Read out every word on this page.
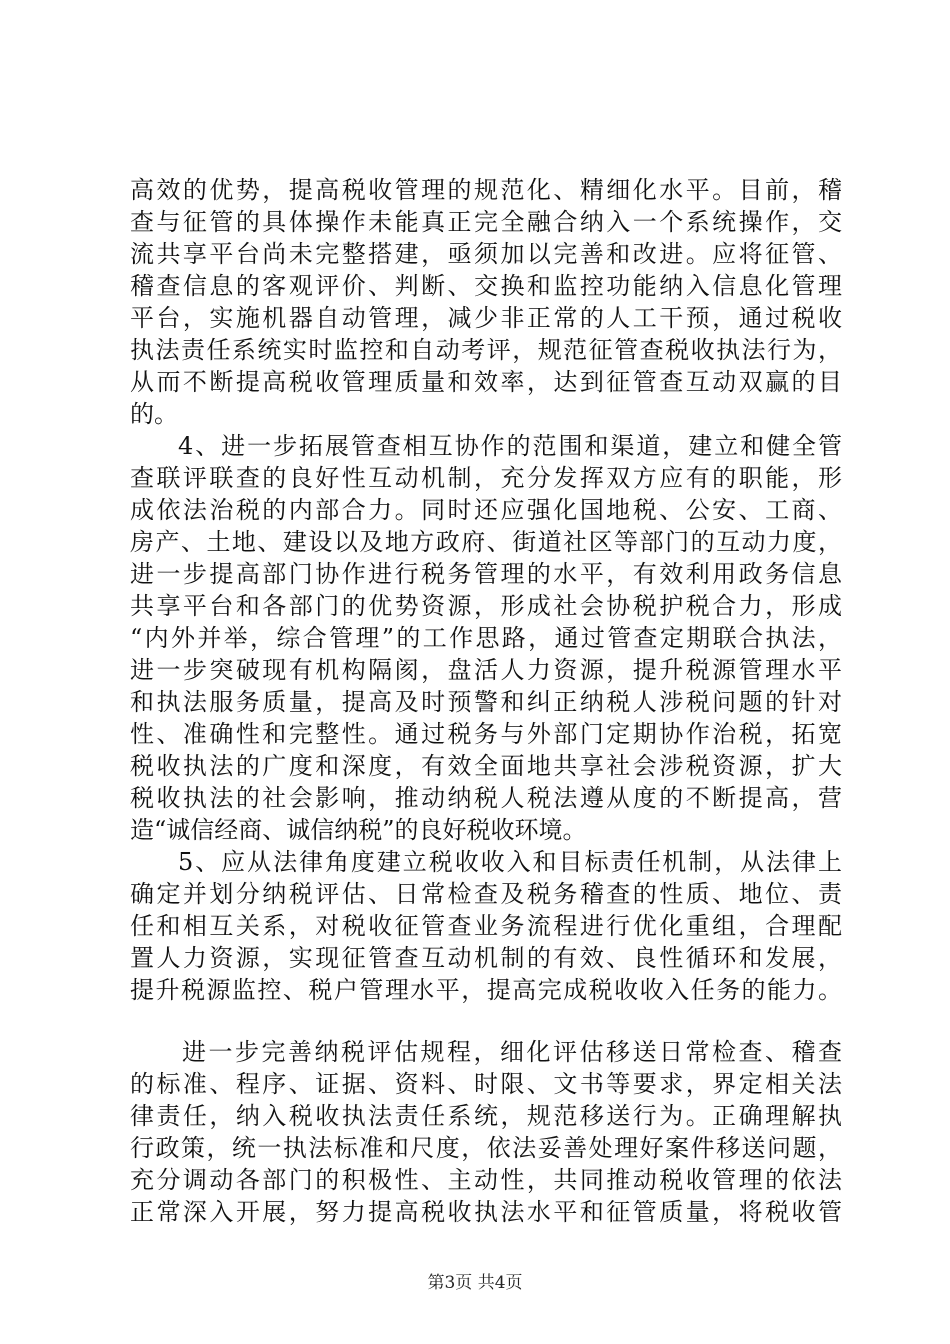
高效的优势，提高税收管理的规范化、精细化水平。目前，稽

查与征管的具体操作未能真正完全融合纳入一个系统操作，交

流共享平台尚未完整搭建，亟须加以完善和改进。应将征管、

稽查信息的客观评价、判断、交换和监控功能纳入信息化管理

平台，实施机器自动管理，减少非正常的人工干预，通过税收

执法责任系统实时监控和自动考评，规范征管查税收执法行为，

从而不断提高税收管理质量和效率，达到征管查互动双赢的目

的。

4、进一步拓展管查相互协作的范围和渠道，建立和健全管

查联评联查的良好性互动机制，充分发挥双方应有的职能，形

成依法治税的内部合力。同时还应强化国地税、公安、工商、

房产、土地、建设以及地方政府、街道社区等部门的互动力度，

进一步提高部门协作进行税务管理的水平，有效利用政务信息

共享平台和各部门的优势资源，形成社会协税护税合力，形成

“内外并举，综合管理”的工作思路，通过管查定期联合执法，

进一步突破现有机构隔阂，盘活人力资源，提升税源管理水平

和执法服务质量，提高及时预警和纠正纳税人涉税问题的针对

性、准确性和完整性。通过税务与外部门定期协作治税，拓宽

税收执法的广度和深度，有效全面地共享社会涉税资源，扩大

税收执法的社会影响，推动纳税人税法遵从度的不断提高，营

造“诚信经商、诚信纳税”的良好税收环境。

5、应从法律角度建立税收收入和目标责任机制，从法律上

确定并划分纳税评估、日常检查及税务稽查的性质、地位、责

任和相互关系，对税收征管查业务流程进行优化重组，合理配

置人力资源，实现征管查互动机制的有效、良性循环和发展，

提升税源监控、税户管理水平，提高完成税收收入任务的能力。

进一步完善纳税评估规程，细化评估移送日常检查、稽查

的标准、程序、证据、资料、时限、文书等要求，界定相关法

律责任，纳入税收执法责任系统，规范移送行为。正确理解执

行政策，统一执法标准和尺度，依法妥善处理好案件移送问题，

充分调动各部门的积极性、主动性，共同推动税收管理的依法

正常深入开展，努力提高税收执法水平和征管质量，将税收管

第3页 共4页
